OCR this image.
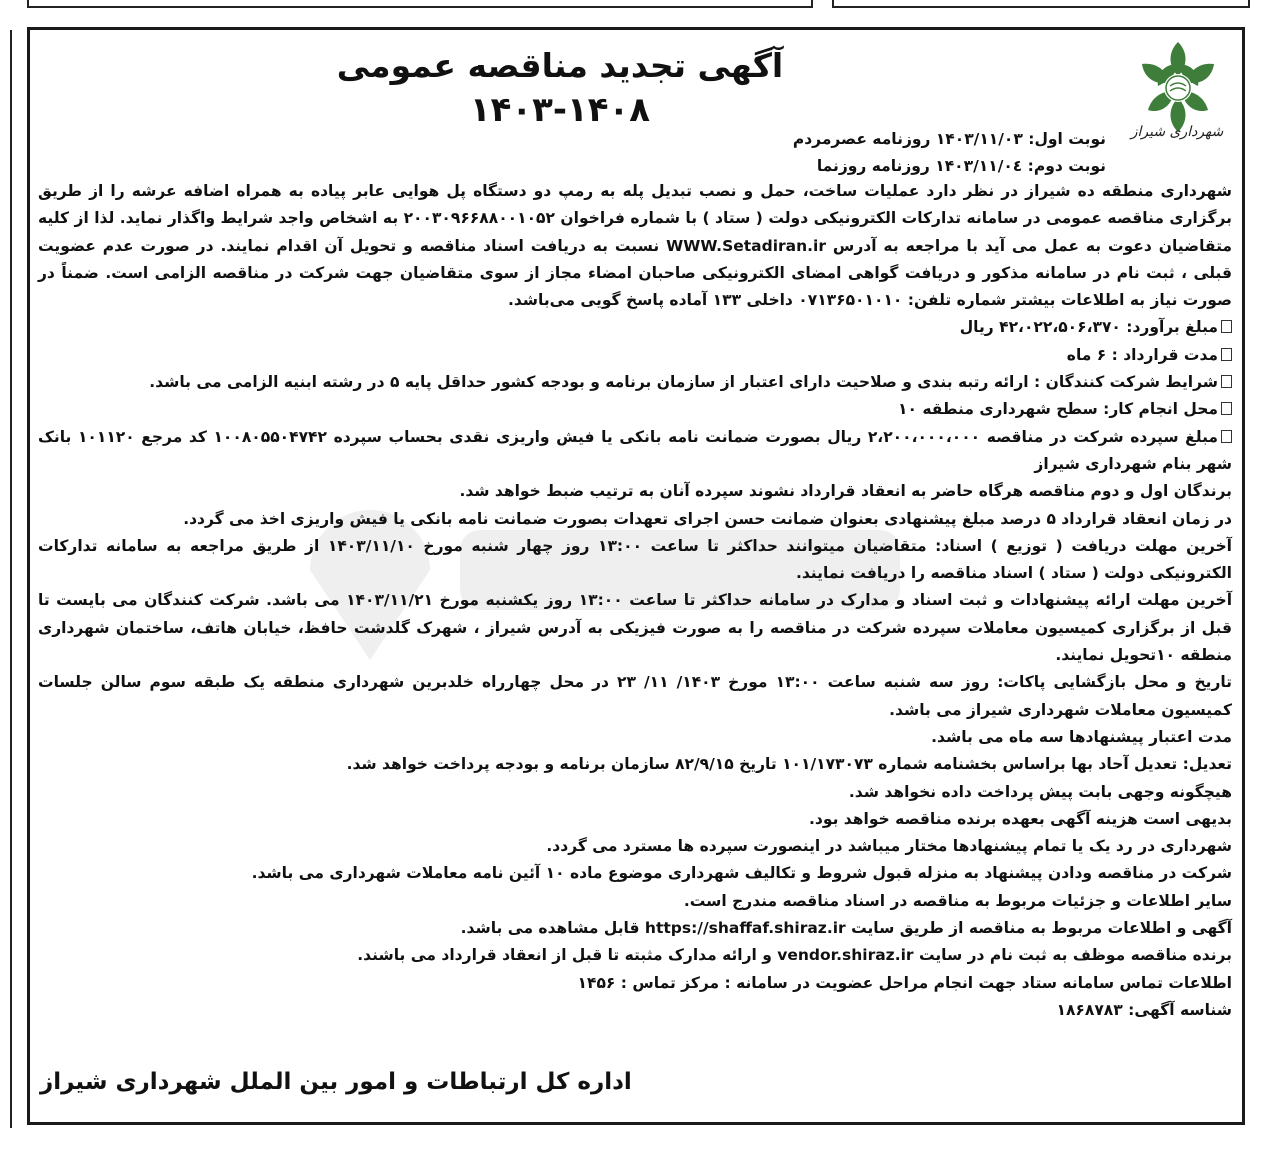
شهرداری شیراز
آگهی تجدید مناقصه عمومی
۱۴۰۳-۱۴۰۸

نوبت اول: ۱۴۰۳/۱۱/۰۳ روزنامه عصرمردم

نوبت دوم: ۱۴۰۳/۱۱/۰٤ روزنامه روزنما

شهرداری منطقه ده شیراز در نظر دارد عملیات ساخت، حمل و نصب تبدیل پله به رمپ دو دستگاه پل هوایی عابر پیاده به همراه اضافه عرشه را از طریق برگزاری مناقصه عمومی در سامانه تدارکات الکترونیکی دولت ( ستاد ) با شماره فراخوان ۲۰۰۳۰۹۶۶۸۸۰۰۱۰۵۲ به اشخاص واجد شرایط واگذار نماید. لذا از کلیه متقاضیان دعوت به عمل می آید با مراجعه به آدرس WWW.Setadiran.ir نسبت به دریافت اسناد مناقصه و تحویل آن اقدام نمایند. در صورت عدم عضویت قبلی ، ثبت نام در سامانه مذکور و دریافت گواهی امضای الکترونیکی صاحبان امضاء مجاز از سوی متقاضیان جهت شرکت در مناقصه الزامی است. ضمناً در صورت نیاز به اطلاعات بیشتر شماره تلفن: ۰۷۱۳۶۵۰۱۰۱۰ داخلی ۱۳۳ آماده پاسخ گویی می‌باشد.

مبلغ برآورد: ۴۲،۰۲۲،۵۰۶،۳۷۰ ریال

مدت قرارداد : ۶ ماه

شرایط شرکت کنندگان : ارائه رتبه بندی و صلاحیت دارای اعتبار از سازمان برنامه و بودجه کشور حداقل پایه ۵ در رشته ابنیه الزامی می باشد.

محل انجام کار: سطح شهرداری منطقه ۱۰

مبلغ سپرده شرکت در مناقصه ۲،۲۰۰،۰۰۰،۰۰۰ ریال بصورت ضمانت نامه بانکی یا فیش واریزی نقدی بحساب سپرده ۱۰۰۸۰۵۵۰۴۷۴۲ کد مرجع ۱۰۱۱۲۰ بانک شهر بنام شهرداری شیراز

برندگان اول و دوم مناقصه هرگاه حاضر به انعقاد قرارداد نشوند سپرده آنان به ترتیب ضبط خواهد شد.

در زمان انعقاد قرارداد ۵ درصد مبلغ پیشنهادی بعنوان ضمانت حسن اجرای تعهدات بصورت ضمانت نامه بانکی یا فیش واریزی اخذ می گردد.

آخرین مهلت دریافت ( توزیع ) اسناد: متقاضیان میتوانند حداکثر تا ساعت ۱۳:۰۰ روز چهار شنبه مورخ ۱۴۰۳/۱۱/۱۰ از طریق مراجعه به سامانه تدارکات الکترونیکی دولت ( ستاد ) اسناد مناقصه را دریافت نمایند.

آخرین مهلت ارائه پیشنهادات و ثبت اسناد و مدارک در سامانه حداکثر تا ساعت ۱۳:۰۰ روز یکشنبه مورخ ۱۴۰۳/۱۱/۲۱ می باشد. شرکت کنندگان می بایست تا قبل از برگزاری کمیسیون معاملات سپرده شرکت در مناقصه را به صورت فیزیکی به آدرس شیراز ، شهرک گلدشت حافظ، خیابان هاتف، ساختمان شهرداری منطقه ۱۰تحویل نمایند.

تاریخ و محل بازگشایی پاکات: روز سه شنبه ساعت ۱۳:۰۰ مورخ ۱۴۰۳/ ۱۱/ ۲۳ در محل چهارراه خلدبرین شهرداری منطقه یک طبقه سوم سالن جلسات کمیسیون معاملات شهرداری شیراز می باشد.

مدت اعتبار پیشنهادها سه ماه می باشد.

تعدیل: تعدیل آحاد بها براساس بخشنامه شماره ۱۰۱/۱۷۳۰۷۳ تاریخ ۸۲/۹/۱۵ سازمان برنامه و بودجه پرداخت خواهد شد.

هیچگونه وجهی بابت پیش پرداخت داده نخواهد شد.

بدیهی است هزینه آگهی بعهده برنده مناقصه خواهد بود.

شهرداری در رد یک یا تمام پیشنهادها مختار میباشد در اینصورت سپرده ها مسترد می گردد.

شرکت در مناقصه ودادن پیشنهاد به منزله قبول شروط و تکالیف شهرداری موضوع ماده ۱۰ آئین نامه معاملات شهرداری می باشد.

سایر اطلاعات و جزئیات مربوط به مناقصه در اسناد مناقصه مندرج است.

آگهی و اطلاعات مربوط به مناقصه از طریق سایت https://shaffaf.shiraz.ir قابل مشاهده می باشد.

برنده مناقصه موظف به ثبت نام در سایت vendor.shiraz.ir و ارائه مدارک مثبته تا قبل از انعقاد قرارداد می باشند.

اطلاعات تماس سامانه ستاد جهت انجام مراحل عضویت در سامانه : مرکز تماس : ۱۴۵۶

شناسه آگهی: ۱۸۶۸۷۸۳

اداره کل ارتباطات و امور بین الملل شهرداری شیراز
